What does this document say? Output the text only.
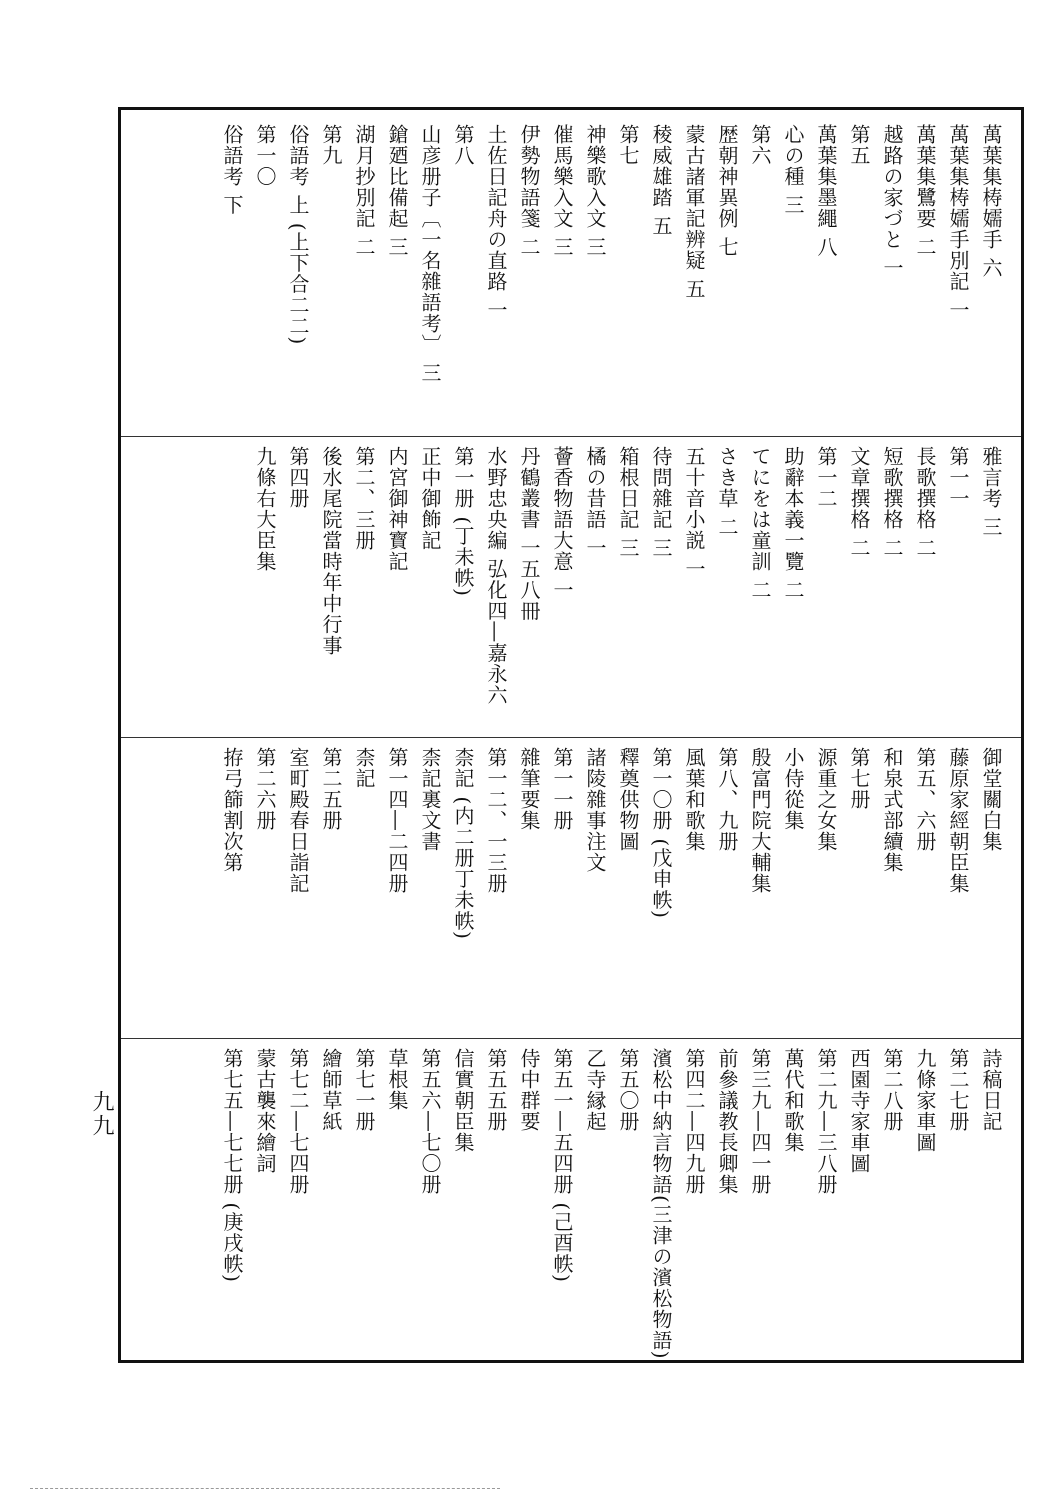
萬葉集梼嬬手 六
萬葉集梼嬬手別記 一
萬葉集鷺要 二
越路の家づと 一
第五
萬葉集墨繩 八
心の種 三
第六
歴朝神異例 七
蒙古諸軍記辨疑 五
稜威雄踏 五
第七
神樂歌入文 三
催馬樂入文 三
伊勢物語箋 二
土佐日記舟の直路 一
第八
山彦册子〔一名雜語考〕 三
鎗廼比備起 三
湖月抄別記 二
第九
俗語考 上 (上下合二二)
第一〇
俗語考 下
雅言考 三
第一一
長歌撰格 二
短歌撰格 二
文章撰格 二
第一二
助辭本義一覽 二
てにをは童訓 二
さき草 二
五十音小説 一
待問雜記 三
箱根日記 三
橘の昔語 一
薈香物語大意 一
丹鶴叢書 一五八冊
水野忠央編 弘化四―嘉永六
第一册 (丁未帙)
正中御飾記
内宮御神寳記
第二、三册
後水尾院當時年中行事
第四册
九條右大臣集
御堂關白集
藤原家經朝臣集
第五、六册
和泉式部續集
第七册
源重之女集
小侍從集
殷富門院大輔集
第八、九册
風葉和歌集
第一〇册 (戊申帙)
釋奠供物圖
諸陵雜事注文
第一一册
雜筆要集
第一二、一三册
柰記 (内二册丁未帙)
柰記裏文書
第一四―二四册
柰記
第二五册
室町殿春日詣記
第二六册
拵弓篩割次第
詩稿日記
第二七册
九條家車圖
第二八册
西園寺家車圖
第二九―三八册
萬代和歌集
第三九―四一册
前參議教長卿集
第四二―四九册
濱松中納言物語(三津の濱松物語)
第五〇册
乙寺縁起
第五一―五四册 (己酉帙)
侍中群要
第五五册
信實朝臣集
第五六―七〇册
草根集
第七一册
繪師草紙
第七二―七四册
蒙古襲來繪詞
第七五―七七册 (庚戌帙)
九九
